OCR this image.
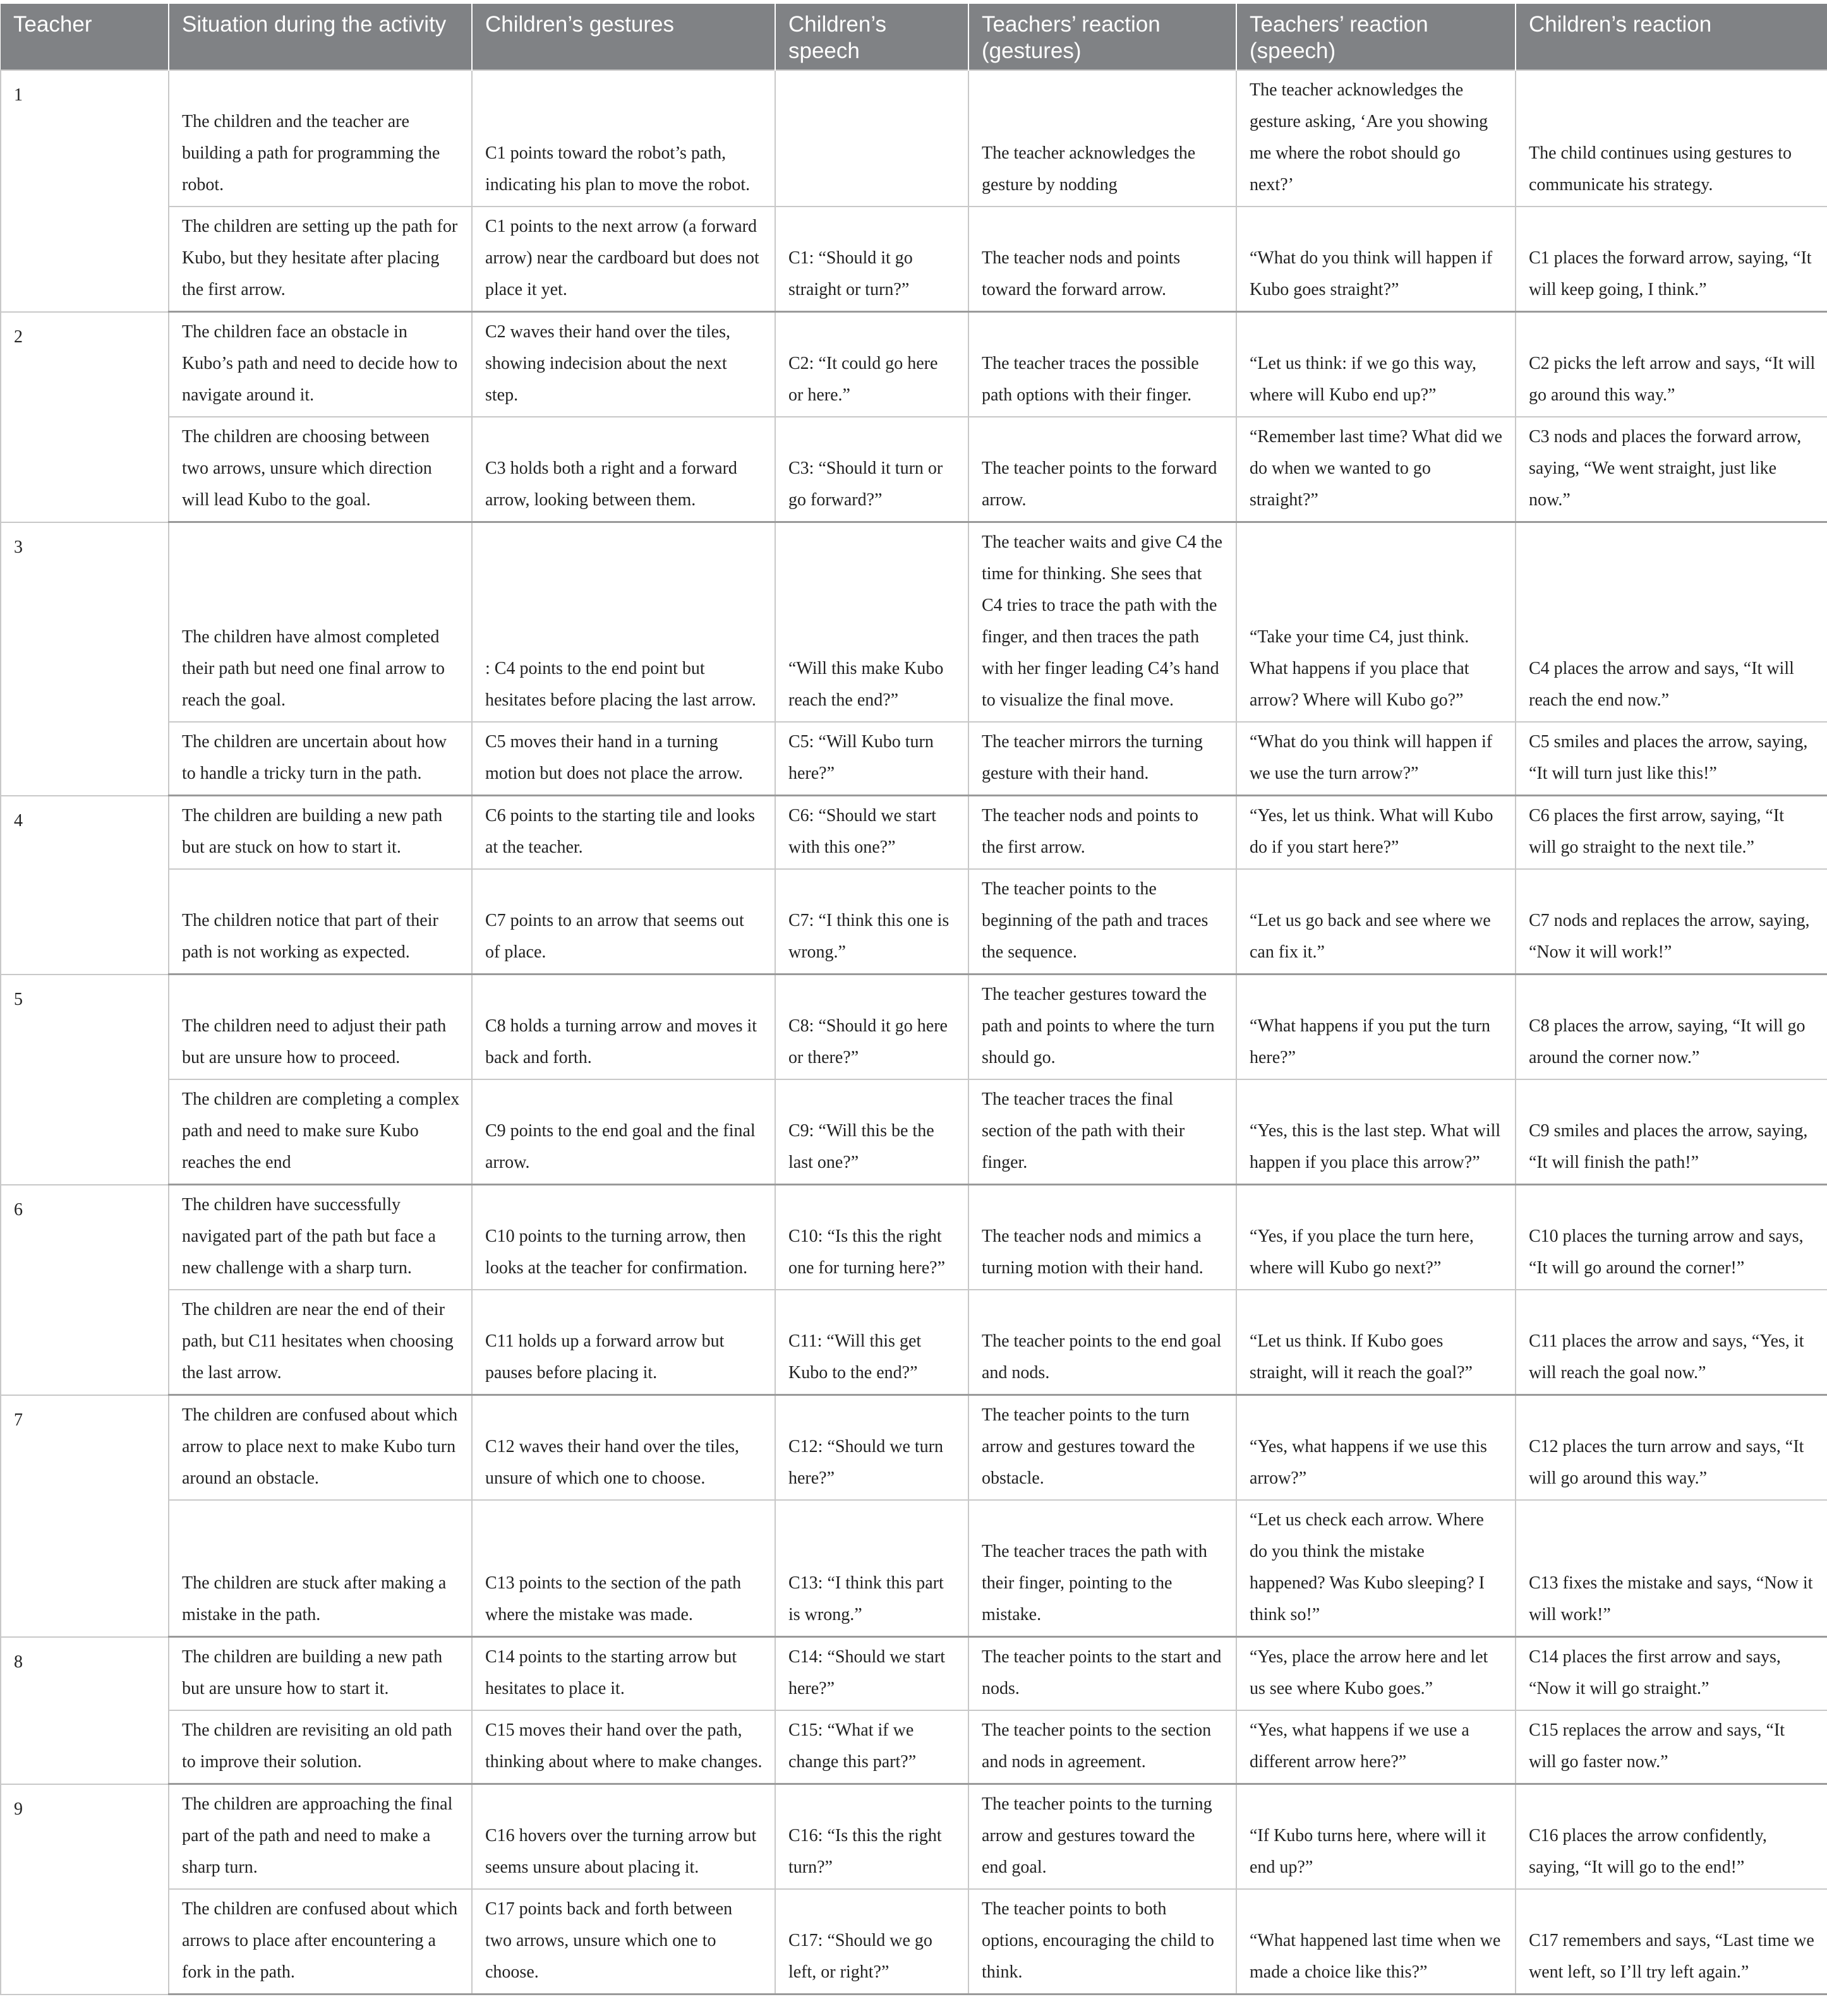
Teacher	Situation during the activity	Children’s gestures	Children’s speech	Teachers’ reaction (gestures)	Teachers’ reaction (speech)	Children’s reaction
1	The children and the teacher are building a path for programming the robot.	C1 points toward the robot’s path, indicating his plan to move the robot.		The teacher acknowledges the gesture by nodding	The teacher acknowledges the gesture asking, ‘Are you showing me where the robot should go next?’	The child continues using gestures to communicate his strategy.
	The children are setting up the path for Kubo, but they hesitate after placing the first arrow.	C1 points to the next arrow (a forward arrow) near the cardboard but does not place it yet.	C1: “Should it go straight or turn?”	The teacher nods and points toward the forward arrow.	“What do you think will happen if Kubo goes straight?”	C1 places the forward arrow, saying, “It will keep going, I think.”
2	The children face an obstacle in Kubo’s path and need to decide how to navigate around it.	C2 waves their hand over the tiles, showing indecision about the next step.	C2: “It could go here or here.”	The teacher traces the possible path options with their finger.	“Let us think: if we go this way, where will Kubo end up?”	C2 picks the left arrow and says, “It will go around this way.”
	The children are choosing between two arrows, unsure which direction will lead Kubo to the goal.	C3 holds both a right and a forward arrow, looking between them.	C3: “Should it turn or go forward?”	The teacher points to the forward arrow.	“Remember last time? What did we do when we wanted to go straight?”	C3 nods and places the forward arrow, saying, “We went straight, just like now.”
3	The children have almost completed their path but need one final arrow to reach the goal.	: C4 points to the end point but hesitates before placing the last arrow.	“Will this make Kubo reach the end?”	The teacher waits and give C4 the time for thinking. She sees that C4 tries to trace the path with the finger, and then traces the path with her finger leading C4’s hand to visualize the final move.	“Take your time C4, just think. What happens if you place that arrow? Where will Kubo go?”	C4 places the arrow and says, “It will reach the end now.”
	The children are uncertain about how to handle a tricky turn in the path.	C5 moves their hand in a turning motion but does not place the arrow.	C5: “Will Kubo turn here?”	The teacher mirrors the turning gesture with their hand.	“What do you think will happen if we use the turn arrow?”	C5 smiles and places the arrow, saying, “It will turn just like this!”
4	The children are building a new path but are stuck on how to start it.	C6 points to the starting tile and looks at the teacher.	C6: “Should we start with this one?”	The teacher nods and points to the first arrow.	“Yes, let us think. What will Kubo do if you start here?”	C6 places the first arrow, saying, “It will go straight to the next tile.”
	The children notice that part of their path is not working as expected.	C7 points to an arrow that seems out of place.	C7: “I think this one is wrong.”	The teacher points to the beginning of the path and traces the sequence.	“Let us go back and see where we can fix it.”	C7 nods and replaces the arrow, saying, “Now it will work!”
5	The children need to adjust their path but are unsure how to proceed.	C8 holds a turning arrow and moves it back and forth.	C8: “Should it go here or there?”	The teacher gestures toward the path and points to where the turn should go.	“What happens if you put the turn here?”	C8 places the arrow, saying, “It will go around the corner now.”
	The children are completing a complex path and need to make sure Kubo reaches the end	C9 points to the end goal and the final arrow.	C9: “Will this be the last one?”	The teacher traces the final section of the path with their finger.	“Yes, this is the last step. What will happen if you place this arrow?”	C9 smiles and places the arrow, saying, “It will finish the path!”
6	The children have successfully navigated part of the path but face a new challenge with a sharp turn.	C10 points to the turning arrow, then looks at the teacher for confirmation.	C10: “Is this the right one for turning here?”	The teacher nods and mimics a turning motion with their hand.	“Yes, if you place the turn here, where will Kubo go next?”	C10 places the turning arrow and says, “It will go around the corner!”
	The children are near the end of their path, but C11 hesitates when choosing the last arrow.	C11 holds up a forward arrow but pauses before placing it.	C11: “Will this get Kubo to the end?”	The teacher points to the end goal and nods.	“Let us think. If Kubo goes straight, will it reach the goal?”	C11 places the arrow and says, “Yes, it will reach the goal now.”
7	The children are confused about which arrow to place next to make Kubo turn around an obstacle.	C12 waves their hand over the tiles, unsure of which one to choose.	C12: “Should we turn here?”	The teacher points to the turn arrow and gestures toward the obstacle.	“Yes, what happens if we use this arrow?”	C12 places the turn arrow and says, “It will go around this way.”
	The children are stuck after making a mistake in the path.	C13 points to the section of the path where the mistake was made.	C13: “I think this part is wrong.”	The teacher traces the path with their finger, pointing to the mistake.	“Let us check each arrow. Where do you think the mistake happened? Was Kubo sleeping? I think so!”	C13 fixes the mistake and says, “Now it will work!”
8	The children are building a new path but are unsure how to start it.	C14 points to the starting arrow but hesitates to place it.	C14: “Should we start here?”	The teacher points to the start and nods.	“Yes, place the arrow here and let us see where Kubo goes.”	C14 places the first arrow and says, “Now it will go straight.”
	The children are revisiting an old path to improve their solution.	C15 moves their hand over the path, thinking about where to make changes.	C15: “What if we change this part?”	The teacher points to the section and nods in agreement.	“Yes, what happens if we use a different arrow here?”	C15 replaces the arrow and says, “It will go faster now.”
9	The children are approaching the final part of the path and need to make a sharp turn.	C16 hovers over the turning arrow but seems unsure about placing it.	C16: “Is this the right turn?”	The teacher points to the turning arrow and gestures toward the end goal.	“If Kubo turns here, where will it end up?”	C16 places the arrow confidently, saying, “It will go to the end!”
	The children are confused about which arrows to place after encountering a fork in the path.	C17 points back and forth between two arrows, unsure which one to choose.	C17: “Should we go left, or right?”	The teacher points to both options, encouraging the child to think.	“What happened last time when we made a choice like this?”	C17 remembers and says, “Last time we went left, so I’ll try left again.”
